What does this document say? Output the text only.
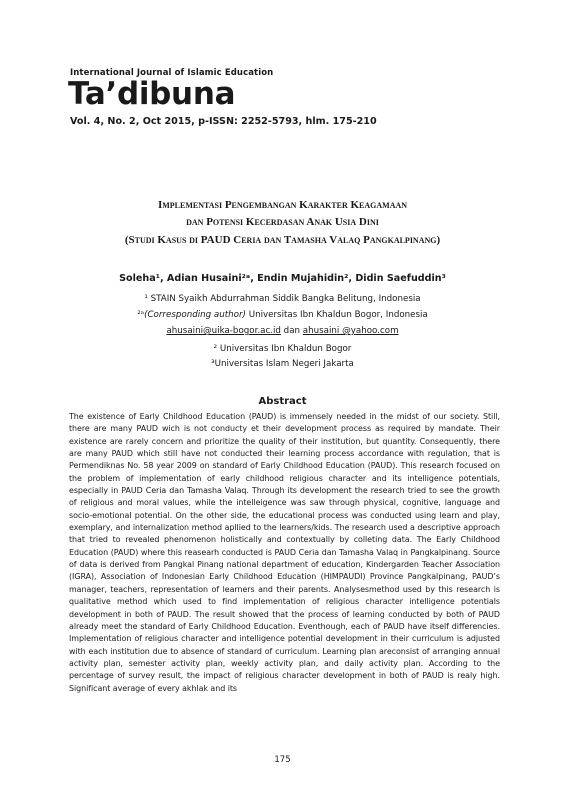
International Journal of Islamic Education
Ta’dibuna
Vol. 4, No. 2, Oct 2015, p-ISSN: 2252-5793, hlm. 175-210
Implementasi Pengembangan Karakter Keagamaan
dan Potensi Kecerdasan Anak Usia Dini
(Studi Kasus di PAUD Ceria dan Tamasha Valaq Pangkalpinang)
Soleha¹, Adian Husaini²ᵃ, Endin Mujahidin², Didin Saefuddin³
¹ STAIN Syaikh Abdurrahman Siddik Bangka Belitung, Indonesia
²ᵃ(Corresponding author) Universitas Ibn Khaldun Bogor, Indonesia
ahusaini@uika-bogor.ac.id dan ahusaini @yahoo.com
² Universitas Ibn Khaldun Bogor
³Universitas Islam Negeri Jakarta
Abstract

The existence of Early Childhood Education (PAUD) is immensely needed in the midst of our society. Still, there are many PAUD wich is not conducty et their development process as required by mandate. Their existence are rarely concern and prioritize the quality of their institution, but quantity. Consequently, there are many PAUD which still have not conducted their learning process accordance with regulation, that is Permendiknas No. 58 year 2009 on standard of Early Childhood Education (PAUD). This research focused on the problem of implementation of early childhood religious character and its intelligence potentials, especially in PAUD Ceria dan Tamasha Valaq. Through its development the research tried to see the growth of religious and moral values, while the intelleigence was saw through physical, cognitive, language and socio-emotional potential. On the other side, the educational process was conducted using learn and play, exemplary, and internalization method apllied to the learners/kids. The research used a descriptive approach that tried to revealed phenomenon holistically and contextually by colleting data. The Early Childhood Education (PAUD) where this reasearh conducted is PAUD Ceria dan Tamasha Valaq in Pangkalpinang. Source of data is derived from Pangkal Pinang national department of education, Kindergarden Teacher Association (IGRA), Association of Indonesian Early Childhood Education (HIMPAUDI) Province Pangkalpinang, PAUD’s manager, teachers, representation of learners and their parents. Analysesmethod used by this research is qualitative method which used to find implementation of religious character intelligence potentials development in both of PAUD. The result showed that the process of learning conducted by both of PAUD already meet the standard of Early Childhood Education. Eventhough, each of PAUD have itself differencies. Implementation of religious character and intelligence potential development in their curriculum is adjusted with each institution due to absence of standard of curriculum. Learning plan areconsist of arranging annual activity plan, semester activity plan, weekly activity plan, and daily activity plan. According to the percentage of survey result, the impact of religious character development in both of PAUD is realy high. Significant average of every akhlak and its

175
